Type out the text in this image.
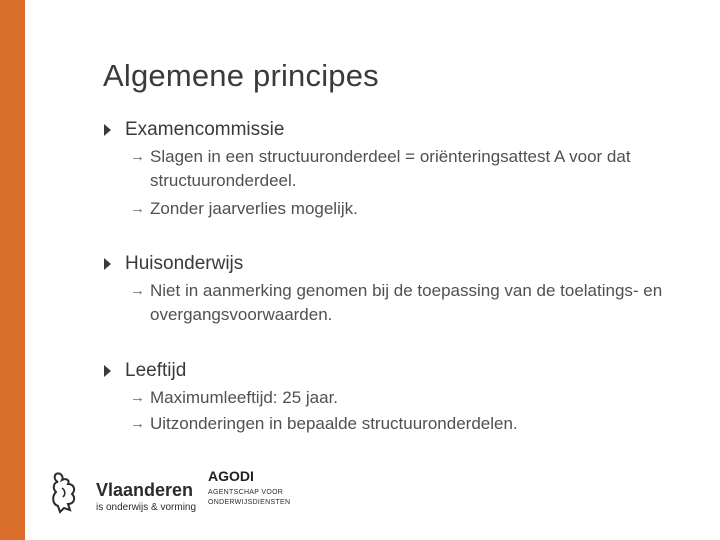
Algemene principes
Examencommissie
→ Slagen in een structuuronderdeel = oriënteringsattest A voor dat structuuronderdeel.
→ Zonder jaarverlies mogelijk.
Huisonderwijs
→ Niet in aanmerking genomen bij de toepassing van de toelatings- en overgangsvoorwaarden.
Leeftijd
→ Maximumleeftijd: 25 jaar.
→ Uitzonderingen in bepaalde structuuronderdelen.
Vlaanderen
is onderwijs & vorming
AGODI
AGENTSCHAP VOOR
ONDERWIJSDIENSTEN
